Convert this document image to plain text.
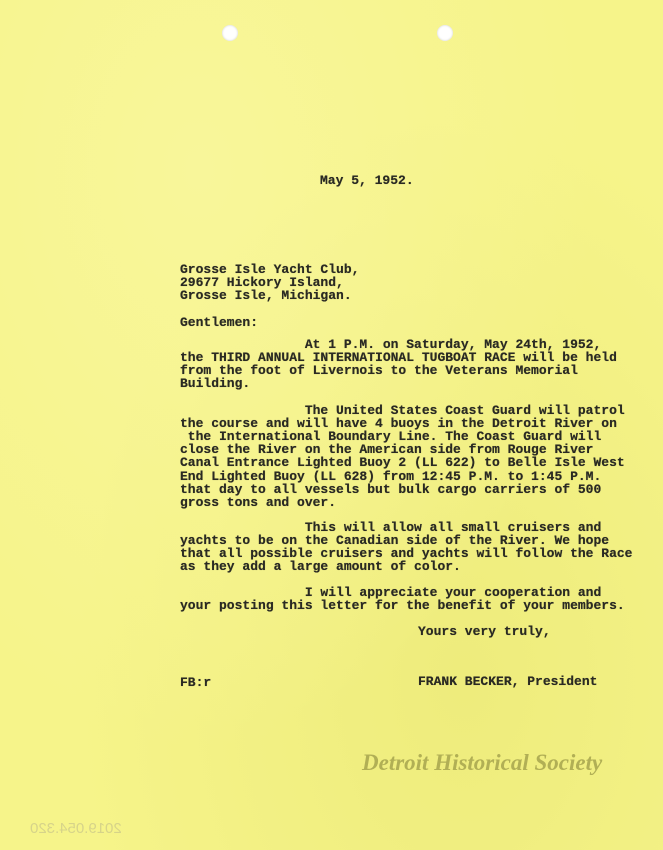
May 5, 1952.
Grosse Isle Yacht Club,
29677 Hickory Island,
Grosse Isle, Michigan.
Gentlemen:
At 1 P.M. on Saturday, May 24th, 1952,
the THIRD ANNUAL INTERNATIONAL TUGBOAT RACE will be held
from the foot of Livernois to the Veterans Memorial
Building.
The United States Coast Guard will patrol
the course and will have 4 buoys in the Detroit River on
the International Boundary Line. The Coast Guard will
close the River on the American side from Rouge River
Canal Entrance Lighted Buoy 2 (LL 622) to Belle Isle West
End Lighted Buoy (LL 628) from 12:45 P.M. to 1:45 P.M.
that day to all vessels but bulk cargo carriers of 500
gross tons and over.
This will allow all small cruisers and
yachts to be on the Canadian side of the River. We hope
that all possible cruisers and yachts will follow the Race
as they add a large amount of color.
I will appreciate your cooperation and
your posting this letter for the benefit of your members.
Yours very truly,
FB:r	FRANK BECKER, President
Detroit Historical Society
2019.054.320
